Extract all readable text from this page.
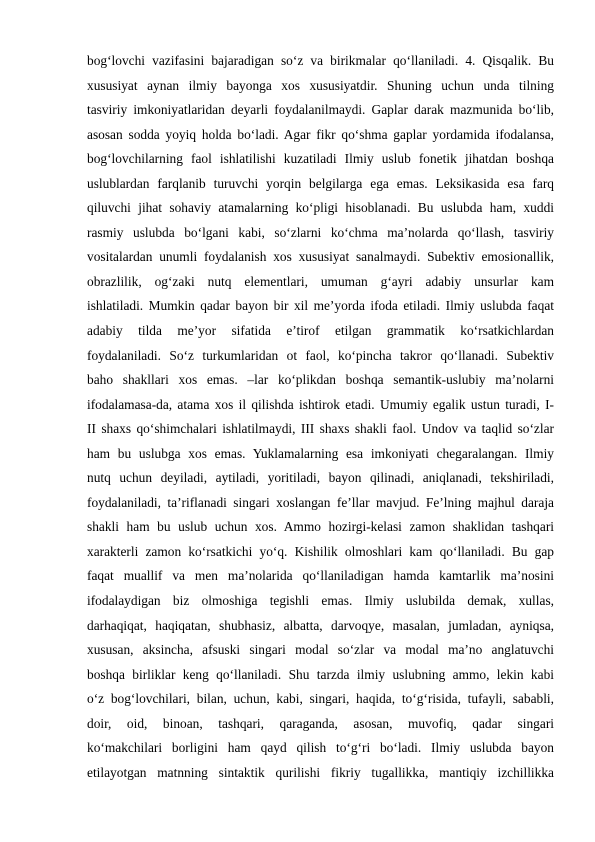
bog‘lovchi vazifasini bajaradigan so‘z va birikmalar qo‘llaniladi. 4. Qisqalik. Bu
xususiyat aynan ilmiy bayonga xos xususiyatdir. Shuning uchun unda tilning
tasviriy imkoniyatlaridan deyarli foydalanilmaydi. Gaplar darak mazmunida bo‘lib,
asosan sodda yoyiq holda bo‘ladi. Agar fikr qo‘shma gaplar yordamida ifodalansa,
bog‘lovchilarning faol ishlatilishi kuzatiladi Ilmiy uslub fonetik jihatdan boshqa
uslublardan farqlanib turuvchi yorqin belgilarga ega emas. Leksikasida esa farq
qiluvchi jihat sohaviy atamalarning ko‘pligi hisoblanadi. Bu uslubda ham, xuddi
rasmiy uslubda bo‘lgani kabi, so‘zlarni ko‘chma ma’nolarda qo‘llash, tasviriy
vositalardan unumli foydalanish xos xususiyat sanalmaydi. Subektiv emosionallik,
obrazlilik, og‘zaki nutq elementlari, umuman g‘ayri adabiy unsurlar kam
ishlatiladi. Mumkin qadar bayon bir xil me’yorda ifoda etiladi. Ilmiy uslubda faqat
adabiy tilda me’yor sifatida e’tirof etilgan grammatik ko‘rsatkichlardan
foydalaniladi. So‘z turkumlaridan ot faol, ko‘pincha takror qo‘llanadi. Subektiv
baho shakllari xos emas. –lar ko‘plikdan boshqa semantik-uslubiy ma’nolarni
ifodalamasa-da, atama xos il qilishda ishtirok etadi. Umumiy egalik ustun turadi, I-
II shaxs qo‘shimchalari ishlatilmaydi, III shaxs shakli faol. Undov va taqlid so‘zlar
ham bu uslubga xos emas. Yuklamalarning esa imkoniyati chegaralangan. Ilmiy
nutq uchun deyiladi, aytiladi, yoritiladi, bayon qilinadi, aniqlanadi, tekshiriladi,
foydalaniladi, ta’riflanadi singari xoslangan fe’llar mavjud. Fe’lning majhul daraja
shakli ham bu uslub uchun xos. Ammo hozirgi-kelasi zamon shaklidan tashqari
xarakterli zamon ko‘rsatkichi yo‘q. Kishilik olmoshlari kam qo‘llaniladi. Bu gap
faqat muallif va men ma’nolarida qo‘llaniladigan hamda kamtarlik ma’nosini
ifodalaydigan biz olmoshiga tegishli emas. Ilmiy uslubilda demak, xullas,
darhaqiqat, haqiqatan, shubhasiz, albatta, darvoqye, masalan, jumladan, ayniqsa,
xususan, aksincha, afsuski singari modal so‘zlar va modal ma’no anglatuvchi
boshqa birliklar keng qo‘llaniladi. Shu tarzda ilmiy uslubning ammo, lekin kabi
o‘z bog‘lovchilari, bilan, uchun, kabi, singari, haqida, to‘g‘risida, tufayli, sababli,
doir, oid, binoan, tashqari, qaraganda, asosan, muvofiq, qadar singari
ko‘makchilari borligini ham qayd qilish to‘g‘ri bo‘ladi. Ilmiy uslubda bayon
etilayotgan matnning sintaktik qurilishi fikriy tugallikka, mantiqiy izchillikka
